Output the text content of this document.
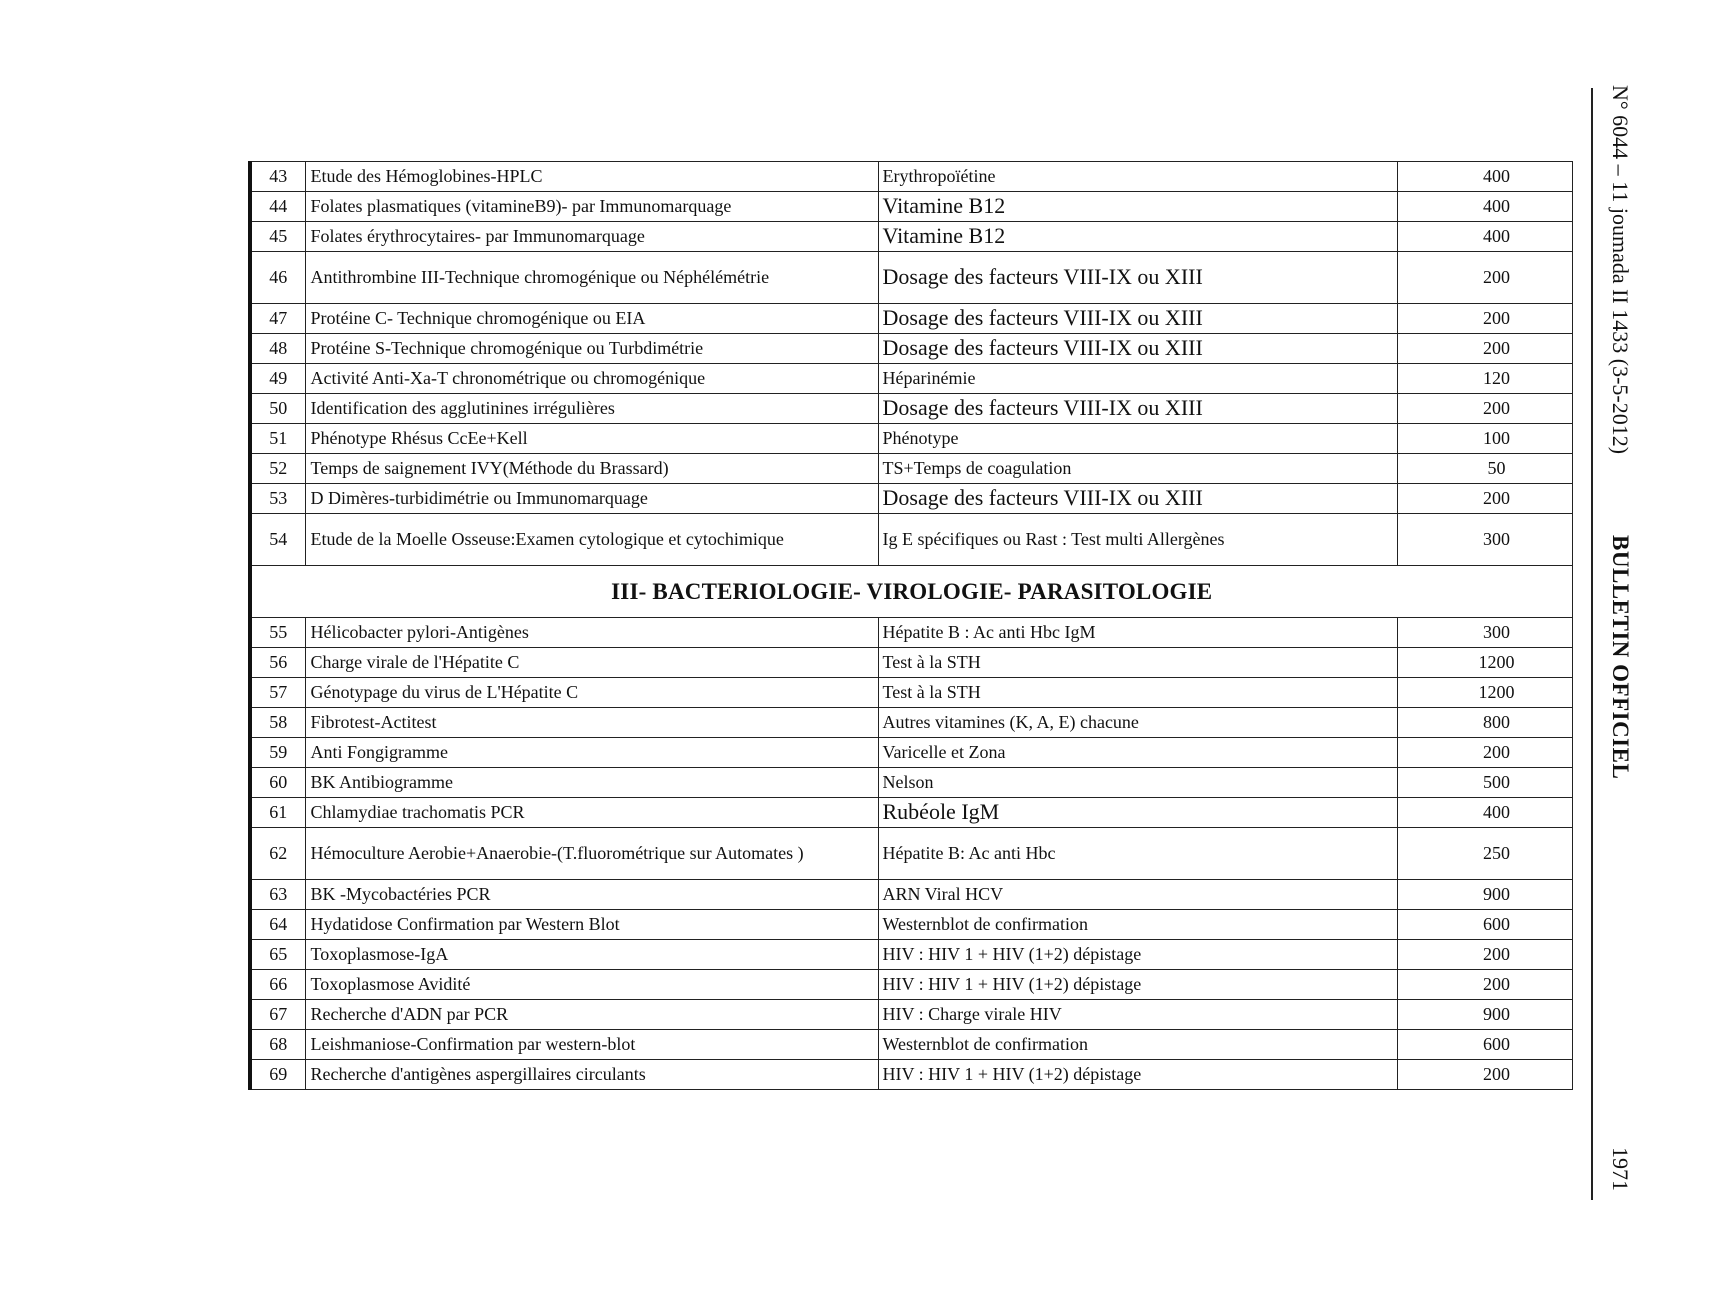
N° 6044 – 11 joumada II 1433 (3-5-2012)
BULLETIN OFFICIEL
1971
43	Etude des Hémoglobines-HPLC	Erythropoïétine	400
44	Folates plasmatiques (vitamineB9)- par Immunomarquage	Vitamine B12	400
45	Folates érythrocytaires- par Immunomarquage	Vitamine B12	400
46	Antithrombine III-Technique chromogénique ou Néphélémétrie	Dosage des facteurs VIII-IX ou XIII	200
47	Protéine C- Technique chromogénique ou EIA	Dosage des facteurs VIII-IX ou XIII	200
48	Protéine S-Technique chromogénique ou Turbdimétrie	Dosage des facteurs VIII-IX ou XIII	200
49	Activité Anti-Xa-T chronométrique ou chromogénique	Héparinémie	120
50	Identification des agglutinines irrégulières	Dosage des facteurs VIII-IX ou XIII	200
51	Phénotype Rhésus CcEe+Kell	Phénotype	100
52	Temps de saignement IVY(Méthode du Brassard)	TS+Temps de coagulation	50
53	D Dimères-turbidimétrie ou Immunomarquage	Dosage des facteurs VIII-IX ou XIII	200
54	Etude de la Moelle Osseuse:Examen cytologique et cytochimique	Ig E spécifiques ou Rast : Test multi Allergènes	300
III- BACTERIOLOGIE- VIROLOGIE- PARASITOLOGIE			
55	Hélicobacter pylori-Antigènes	Hépatite B : Ac anti Hbc IgM	300
56	Charge virale de l'Hépatite C	Test à la STH	1200
57	Génotypage du virus de L'Hépatite C	Test à la STH	1200
58	Fibrotest-Actitest	Autres vitamines (K, A, E) chacune	800
59	Anti Fongigramme	Varicelle et Zona	200
60	BK Antibiogramme	Nelson	500
61	Chlamydiae trachomatis PCR	Rubéole IgM	400
62	Hémoculture Aerobie+Anaerobie-(T.fluorométrique sur Automates )	Hépatite B: Ac anti Hbc	250
63	BK -Mycobactéries PCR	ARN Viral HCV	900
64	Hydatidose Confirmation par Western Blot	Westernblot de confirmation	600
65	Toxoplasmose-IgA	HIV : HIV 1 + HIV (1+2) dépistage	200
66	Toxoplasmose Avidité	HIV : HIV 1 + HIV (1+2) dépistage	200
67	Recherche d'ADN par PCR	HIV : Charge virale HIV	900
68	Leishmaniose-Confirmation par western-blot	Westernblot de confirmation	600
69	Recherche d'antigènes aspergillaires circulants	HIV : HIV 1 + HIV (1+2) dépistage	200
